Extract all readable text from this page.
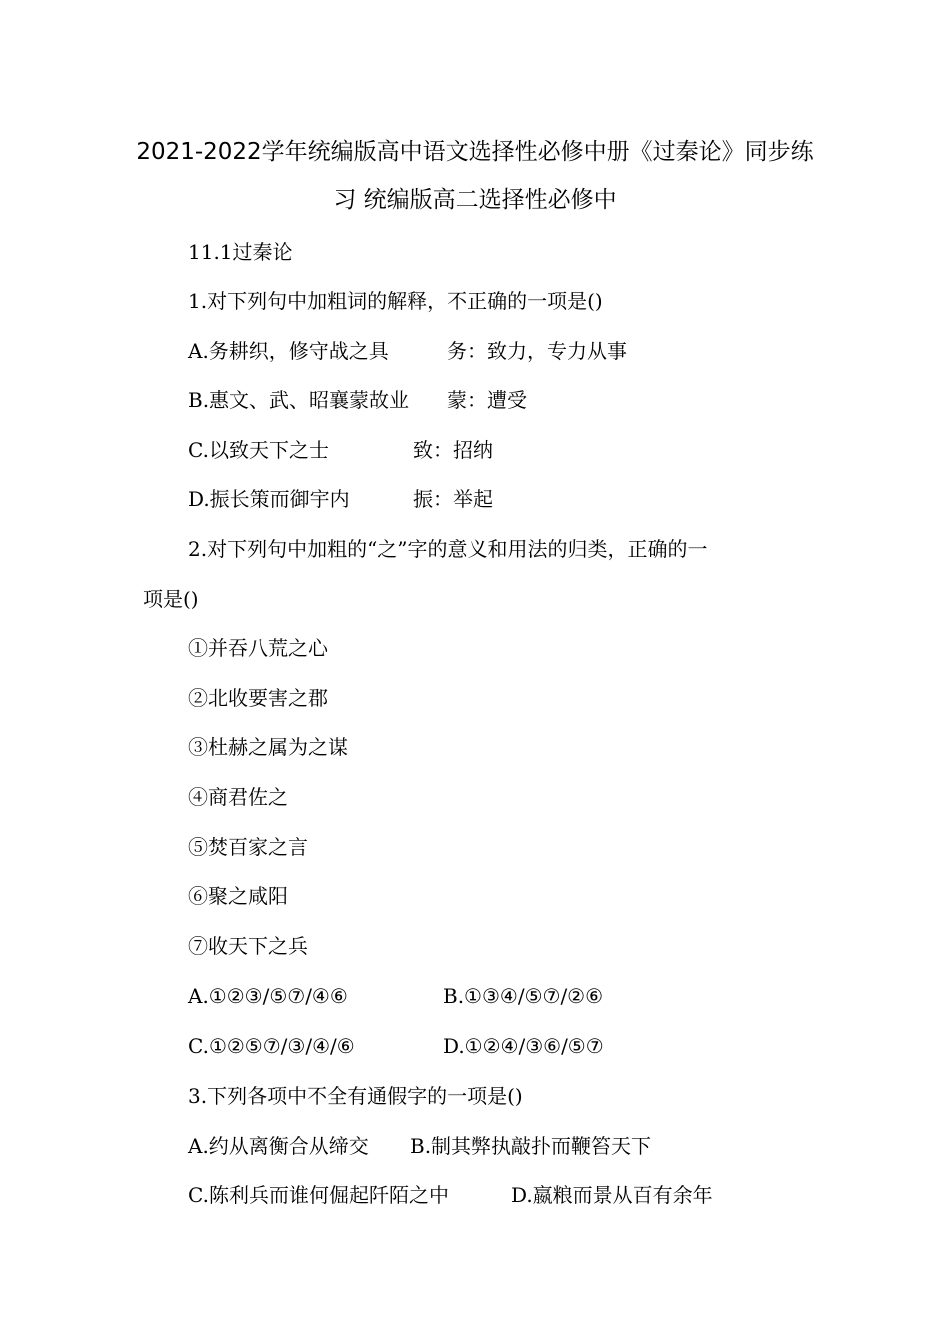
2021-2022学年统编版高中语文选择性必修中册《过秦论》同步练
习 统编版高二选择性必修中
11.1过秦论
1.对下列句中加粗词的解释，不正确的一项是()
A.务耕织，修守战之具	务：致力，专力从事
B.惠文、武、昭襄蒙故业 蒙：遭受
C.以致天下之士	致：招纳
D.振长策而御宇内	振：举起
2.对下列句中加粗的“之”字的意义和用法的归类，正确的一
项是()
①并吞八荒之心
②北收要害之郡
③杜赫之属为之谋
④商君佐之
⑤焚百家之言
⑥聚之咸阳
⑦收天下之兵
A.①②③/⑤⑦/④⑥	B.①③④/⑤⑦/②⑥
C.①②⑤⑦/③/④/⑥	D.①②④/③⑥/⑤⑦
3.下列各项中不全有通假字的一项是()
A.约从离衡合从缔交 B.制其弊执敲扑而鞭笞天下
C.陈利兵而谁何倔起阡陌之中	D.嬴粮而景从百有余年
